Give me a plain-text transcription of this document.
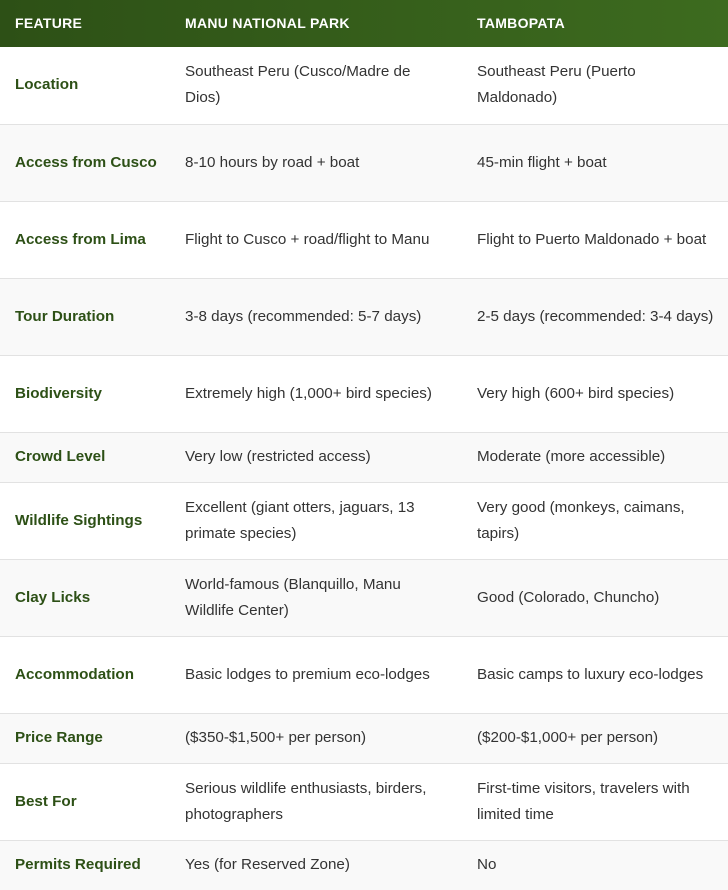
FEATURE	MANU NATIONAL PARK	TAMBOPATA
Location	Southeast Peru (Cusco/Madre de Dios)	Southeast Peru (Puerto Maldonado)
Access from Cusco	8-10 hours by road + boat	45-min flight + boat
Access from Lima	Flight to Cusco + road/flight to Manu	Flight to Puerto Maldonado + boat
Tour Duration	3-8 days (recommended: 5-7 days)	2-5 days (recommended: 3-4 days)
Biodiversity	Extremely high (1,000+ bird species)	Very high (600+ bird species)
Crowd Level	Very low (restricted access)	Moderate (more accessible)
Wildlife Sightings	Excellent (giant otters, jaguars, 13 primate species)	Very good (monkeys, caimans, tapirs)
Clay Licks	World-famous (Blanquillo, Manu Wildlife Center)	Good (Colorado, Chuncho)
Accommodation	Basic lodges to premium eco-lodges	Basic camps to luxury eco-lodges
Price Range	($350-$1,500+ per person)	($200-$1,000+ per person)
Best For	Serious wildlife enthusiasts, birders, photographers	First-time visitors, travelers with limited time
Permits Required	Yes (for Reserved Zone)	No
